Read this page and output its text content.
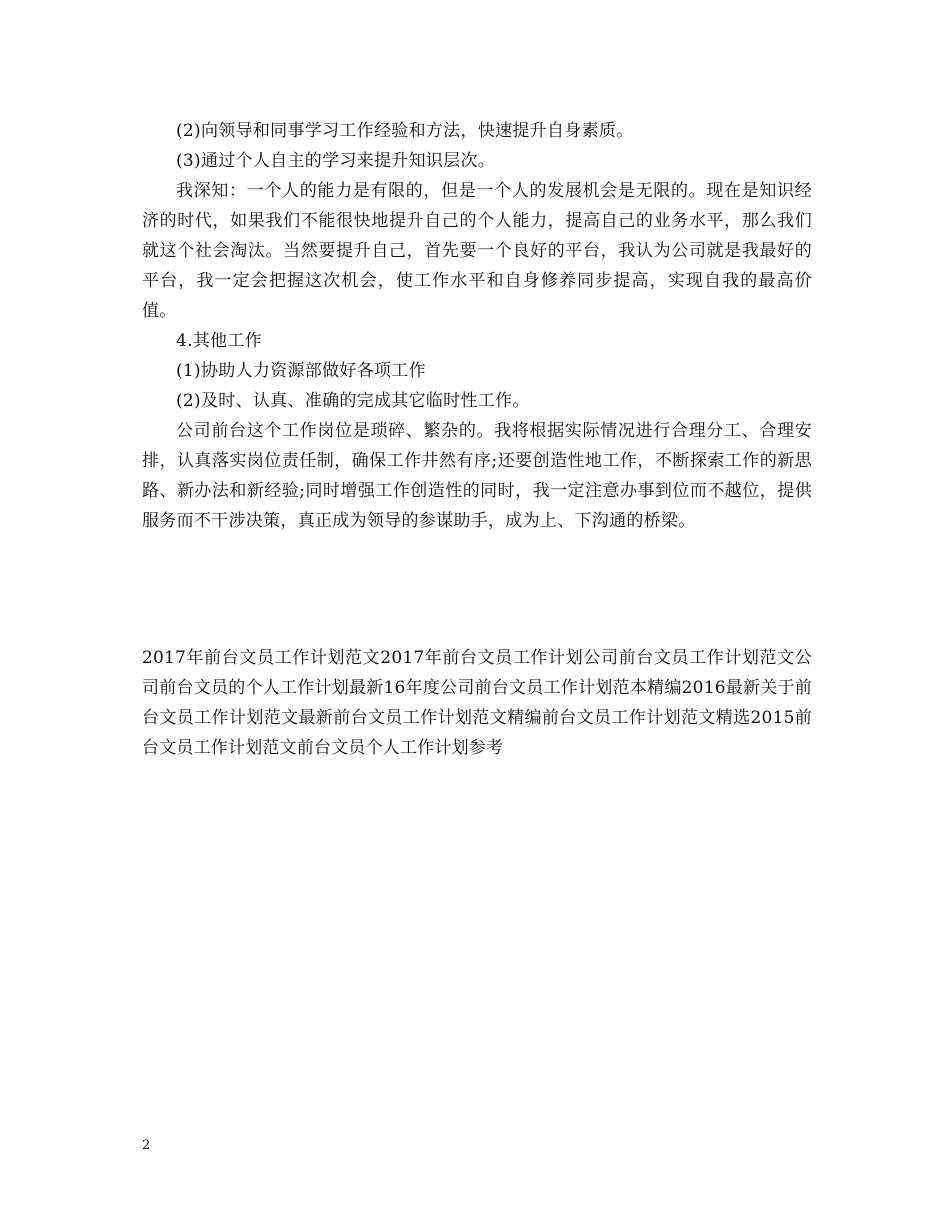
(2)向领导和同事学习工作经验和方法，快速提升自身素质。

(3)通过个人自主的学习来提升知识层次。

我深知：一个人的能力是有限的，但是一个人的发展机会是无限的。现在是知识经济的时代，如果我们不能很快地提升自己的个人能力，提高自己的业务水平，那么我们就这个社会淘汰。当然要提升自己，首先要一个良好的平台，我认为公司就是我最好的平台，我一定会把握这次机会，使工作水平和自身修养同步提高，实现自我的最高价值。

4.其他工作

(1)协助人力资源部做好各项工作

(2)及时、认真、准确的完成其它临时性工作。

公司前台这个工作岗位是琐碎、繁杂的。我将根据实际情况进行合理分工、合理安排，认真落实岗位责任制，确保工作井然有序;还要创造性地工作，不断探索工作的新思路、新办法和新经验;同时增强工作创造性的同时，我一定注意办事到位而不越位，提供服务而不干涉决策，真正成为领导的参谋助手，成为上、下沟通的桥梁。

2017年前台文员工作计划范文2017年前台文员工作计划公司前台文员工作计划范文公司前台文员的个人工作计划最新16年度公司前台文员工作计划范本精编2016最新关于前台文员工作计划范文最新前台文员工作计划范文精编前台文员工作计划范文精选2015前台文员工作计划范文前台文员个人工作计划参考
2
